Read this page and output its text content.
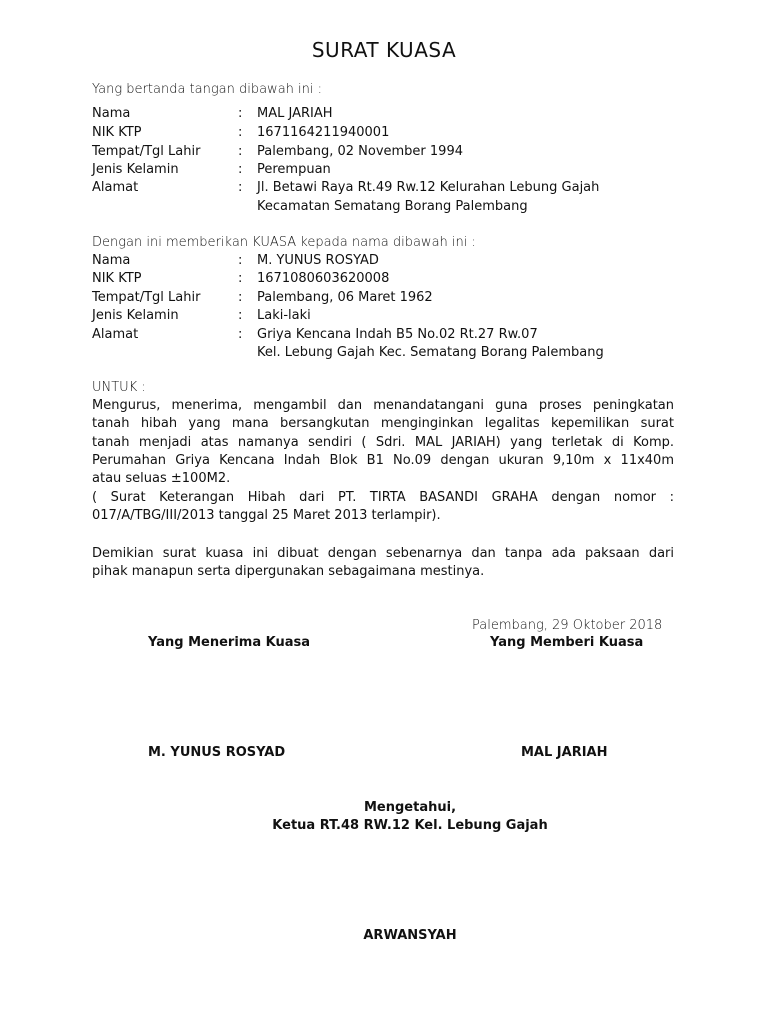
SURAT KUASA
Yang bertanda tangan dibawah ini :
Nama	: MAL JARIAH
NIK KTP	: 1671164211940001
Tempat/Tgl Lahir	: Palembang, 02 November 1994
Jenis Kelamin	: Perempuan
Alamat	: Jl. Betawi Raya Rt.49 Rw.12 Kelurahan Lebung Gajah
Kecamatan Sematang Borang Palembang
Dengan ini memberikan KUASA kepada nama dibawah ini :
Nama	: M. YUNUS ROSYAD
NIK KTP	: 1671080603620008
Tempat/Tgl Lahir	: Palembang, 06 Maret 1962
Jenis Kelamin	: Laki-laki
Alamat	: Griya Kencana Indah B5 No.02 Rt.27 Rw.07
Kel. Lebung Gajah Kec. Sematang Borang Palembang
UNTUK :
Mengurus, menerima, mengambil dan menandatangani guna proses peningkatan
tanah hibah yang mana bersangkutan menginginkan legalitas kepemilikan surat
tanah menjadi atas namanya sendiri ( Sdri. MAL JARIAH) yang terletak di Komp.
Perumahan Griya Kencana Indah Blok B1 No.09 dengan ukuran 9,10m x 11x40m
atau seluas ±100M2.
( Surat Keterangan Hibah dari PT. TIRTA BASANDI GRAHA dengan nomor :
017/A/TBG/III/2013 tanggal 25 Maret 2013 terlampir).
Demikian surat kuasa ini dibuat dengan sebenarnya dan tanpa ada paksaan dari
pihak manapun serta dipergunakan sebagaimana mestinya.
Palembang, 29 Oktober 2018
Yang Menerima Kuasa	Yang Memberi Kuasa
M. YUNUS ROSYAD	MAL JARIAH
Mengetahui,
Ketua RT.48 RW.12 Kel. Lebung Gajah
ARWANSYAH
